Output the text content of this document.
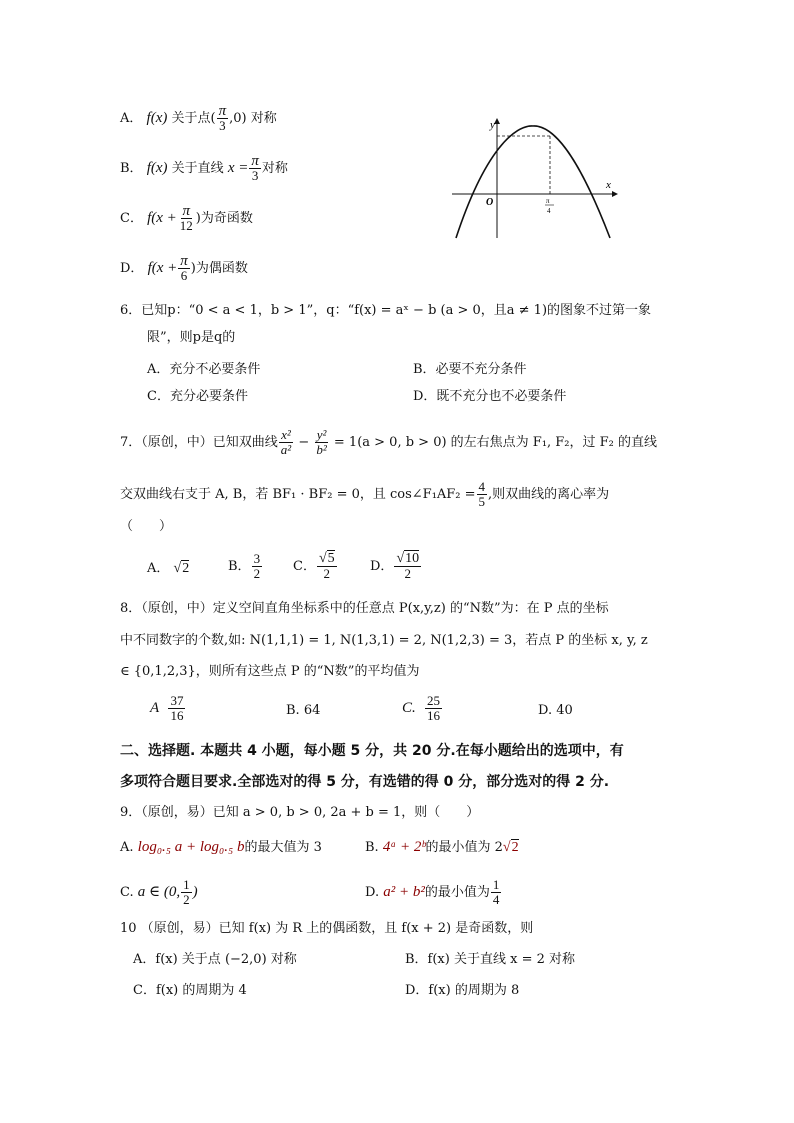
A． f(x) 关于点( $\frac{\pi}{3} ,0$) 对称
B． f(x) 关于直线 $x = \frac{\pi}{3}$ 对称
C． $f(x + \frac{\pi}{12}$ )为奇函数
D． $f(x + \frac{\pi}{6}$ )为偶函数
y
x
O	π
4
6．已知p：“0 < a < 1，b > 1”，q：“f(x) = aˣ − b (a > 0，且a ≠ 1)的图象不过第一象
限”，则p是q的
A．充分不必要条件	B．必要不充分条件
C．充分必要条件	D．既不充分也不必要条件
7．（原创，中）已知双曲线 $\frac{\text{x²}}{\text{a²}} - \frac{\text{y²}}{\text{b²}} = 1(a > 0$, b > 0) 的左右焦点为 F₁, F₂，过 F₂ 的直线
交双曲线右支于 A, B，若 BF₁ · BF₂ = 0，且 cos∠F₁AF₂ = $\frac{4}{5}$ ,则双曲线的离心率为
（　　）
A． √2	B． $\frac{3}{2}$ C． $\frac{√5}{2}$	D． $\frac{√10}{2}$
8．（原创，中）定义空间直角坐标系中的任意点 P(x,y,z) 的“N数”为：在 P 点的坐标
中不同数字的个数,如: N(1,1,1) = 1, N(1,3,1) = 2, N(1,2,3) = 3，若点 P 的坐标 x, y, z
∈ {0,1,2,3}，则所有这些点 P 的“N数”的平均值为
A $\frac{37}{16}$	B. 64	C. $\frac{25}{16}$	D. 40
二、选择题. 本题共 4 小题，每小题 5 分，共 20 分.在每小题给出的选项中，有
多项符合题目要求.全部选对的得 5 分，有选错的得 0 分，部分选对的得 2 分.
9．（原创，易）已知 a > 0, b > 0, 2a + b = 1，则（　　）
A. log₀.₅ a + log₀.₅ b的最大值为 3	B. 4ᵃ + 2ᵇ的最小值为 2√2
C. a ∈ (0, $\frac{1}{2}$ )	D. a² + b²的最小值为 $\frac{1}{4}$
10 （原创，易）已知 f(x) 为 R 上的偶函数，且 f(x + 2) 是奇函数，则
A．f(x) 关于点 (−2,0) 对称	B．f(x) 关于直线 x = 2 对称
C．f(x) 的周期为 4	D．f(x) 的周期为 8
